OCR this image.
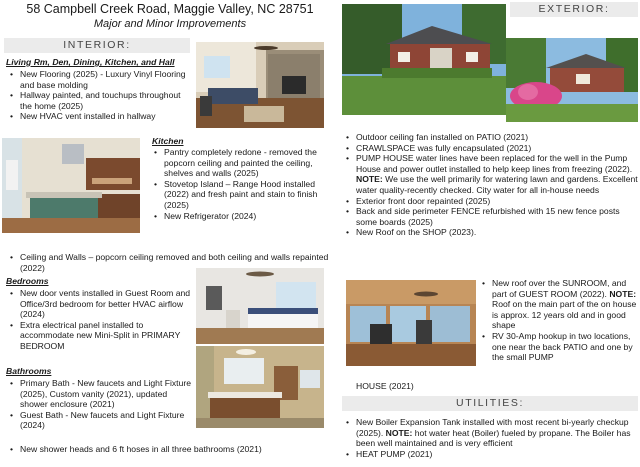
58 Campbell Creek Road, Maggie Valley, NC 28751
Major and Minor Improvements
INTERIOR:
EXTERIOR:
UTILITIES:
Living Rm, Den, Dining, Kitchen, and Hall
• New Flooring (2025) - Luxury Vinyl Flooring and base molding
• Hallway painted, and touchups throughout the home (2025)
• New HVAC vent installed in hallway
Kitchen
• Pantry completely redone - removed the popcorn ceiling and painted the ceiling, shelves and walls (2025)
• Stovetop Island – Range Hood installed (2022) and fresh paint and stain to finish (2025)
• New Refrigerator (2024)
• Ceiling and Walls – popcorn ceiling removed and both ceiling and walls repainted (2022)
Bedrooms
• New door vents installed in Guest Room and Office/3rd bedroom for better HVAC airflow (2024)
• Extra electrical panel installed to accommodate new Mini-Split in PRIMARY BEDROOM
Bathrooms
• Primary Bath - New faucets and Light Fixture (2025), Custom vanity (2021), updated shower enclosure (2021)
• Guest Bath - New faucets and Light Fixture (2024)
• New shower heads and 6 ft hoses in all three bathrooms (2021)
• Outdoor ceiling fan installed on PATIO (2021)
• CRAWLSPACE was fully encapsulated (2021)
• PUMP HOUSE water lines have been replaced for the well in the Pump House and power outlet installed to help keep lines from freezing (2022). NOTE: We use the well primarily for watering lawn and gardens. Excellent water quality-recently checked. City water for all in-house needs
• Exterior front door repainted (2025)
• Back and side perimeter FENCE refurbished with 15 new fence posts some boards (2025)
• New Roof on the SHOP (2023).
• New roof over the SUNROOM, and part of GUEST ROOM (2022). NOTE: Roof on the main part of the on house is approx. 12 years old and in good shape
• RV 30-Amp hookup in two locations, one near the back PATIO and one by the small PUMP
HOUSE (2021)
• New Boiler Expansion Tank installed with most recent bi-yearly checkup (2025). NOTE: hot water heat (Boiler) fueled by propane. The Boiler has been well maintained and is very efficient
• HEAT PUMP (2021)
